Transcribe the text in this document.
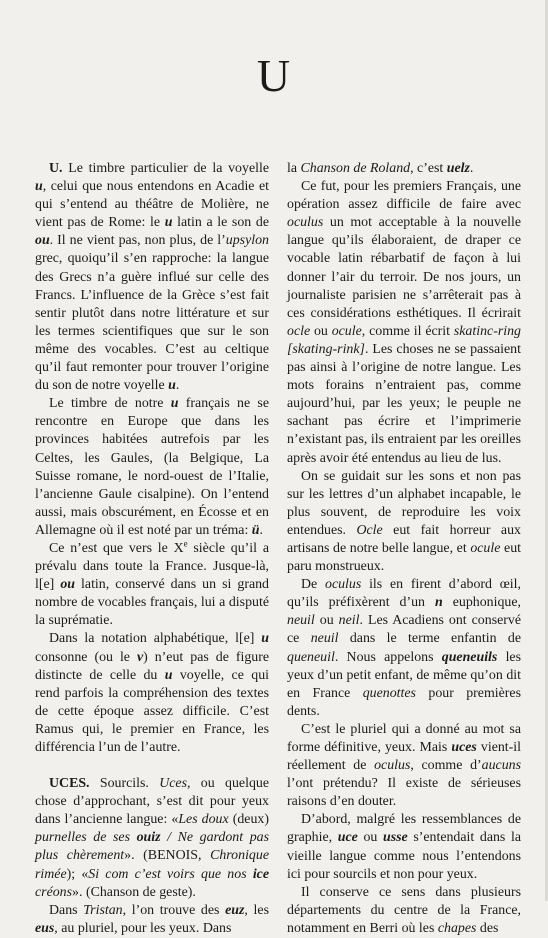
U

U. Le timbre particulier de la voyelle u, celui que nous entendons en Acadie et qui s’entend au théâtre de Molière, ne vient pas de Rome: le u latin a le son de ou. Il ne vient pas, non plus, de l’upsylon grec, quoiqu’il s’en rapproche: la langue des Grecs n’a guère influé sur celle des Francs. L’influence de la Grèce s’est fait sentir plutôt dans notre littérature et sur les termes scientifiques que sur le son même des vocables. C’est au celtique qu’il faut remonter pour trouver l’origine du son de notre voyelle u.

Le timbre de notre u français ne se rencontre en Europe que dans les provinces habitées autrefois par les Celtes, les Gaules, (la Belgique, La Suisse romane, le nord-ouest de l’Italie, l’ancienne Gaule cisalpine). On l’entend aussi, mais obscurément, en Écosse et en Allemagne où il est noté par un tréma: ü.

Ce n’est que vers le Xe siècle qu’il a prévalu dans toute la France. Jusque-là, l[e] ou latin, conservé dans un si grand nombre de vocables français, lui a disputé la suprématie.

Dans la notation alphabétique, l[e] u consonne (ou le v) n’eut pas de figure distincte de celle du u voyelle, ce qui rend parfois la compréhension des textes de cette époque assez difficile. C’est Ramus qui, le premier en France, les différencia l’un de l’autre.

UCES. Sourcils. Uces, ou quelque chose d’approchant, s’est dit pour yeux dans l’ancienne langue: «Les doux (deux) purnelles de ses ouiz / Ne gardont pas plus chèrement». (BENOIS, Chronique rimée); «Si com c’est voirs que nos ice créons». (Chanson de geste).

Dans Tristan, l’on trouve des euz, les eus, au pluriel, pour les yeux. Dans

la Chanson de Roland, c’est uelz.

Ce fut, pour les premiers Français, une opération assez difficile de faire avec oculus un mot acceptable à la nouvelle langue qu’ils élaboraient, de draper ce vocable latin rébarbatif de façon à lui donner l’air du terroir. De nos jours, un journaliste parisien ne s’arrêterait pas à ces considérations esthétiques. Il écrirait ocle ou ocule, comme il écrit skatinc-ring [skating-rink]. Les choses ne se passaient pas ainsi à l’origine de notre langue. Les mots forains n’entraient pas, comme aujourd’hui, par les yeux; le peuple ne sachant pas écrire et l’imprimerie n’existant pas, ils entraient par les oreilles après avoir été entendus au lieu de lus.

On se guidait sur les sons et non pas sur les lettres d’un alphabet incapable, le plus souvent, de reproduire les voix entendues. Ocle eut fait horreur aux artisans de notre belle langue, et ocule eut paru monstrueux.

De oculus ils en firent d’abord œil, qu’ils préfixèrent d’un n euphonique, neuil ou neil. Les Acadiens ont conservé ce neuil dans le terme enfantin de queneuil. Nous appelons queneuils les yeux d’un petit enfant, de même qu’on dit en France quenottes pour premières dents.

C’est le pluriel qui a donné au mot sa forme définitive, yeux. Mais uces vient-il réellement de oculus, comme d’aucuns l’ont prétendu? Il existe de sérieuses raisons d’en douter.

D’abord, malgré les ressemblances de graphie, uce ou usse s’entendait dans la vieille langue comme nous l’entendons ici pour sourcils et non pour yeux.

Il conserve ce sens dans plusieurs départements du centre de la France, notamment en Berri où les chapes des
